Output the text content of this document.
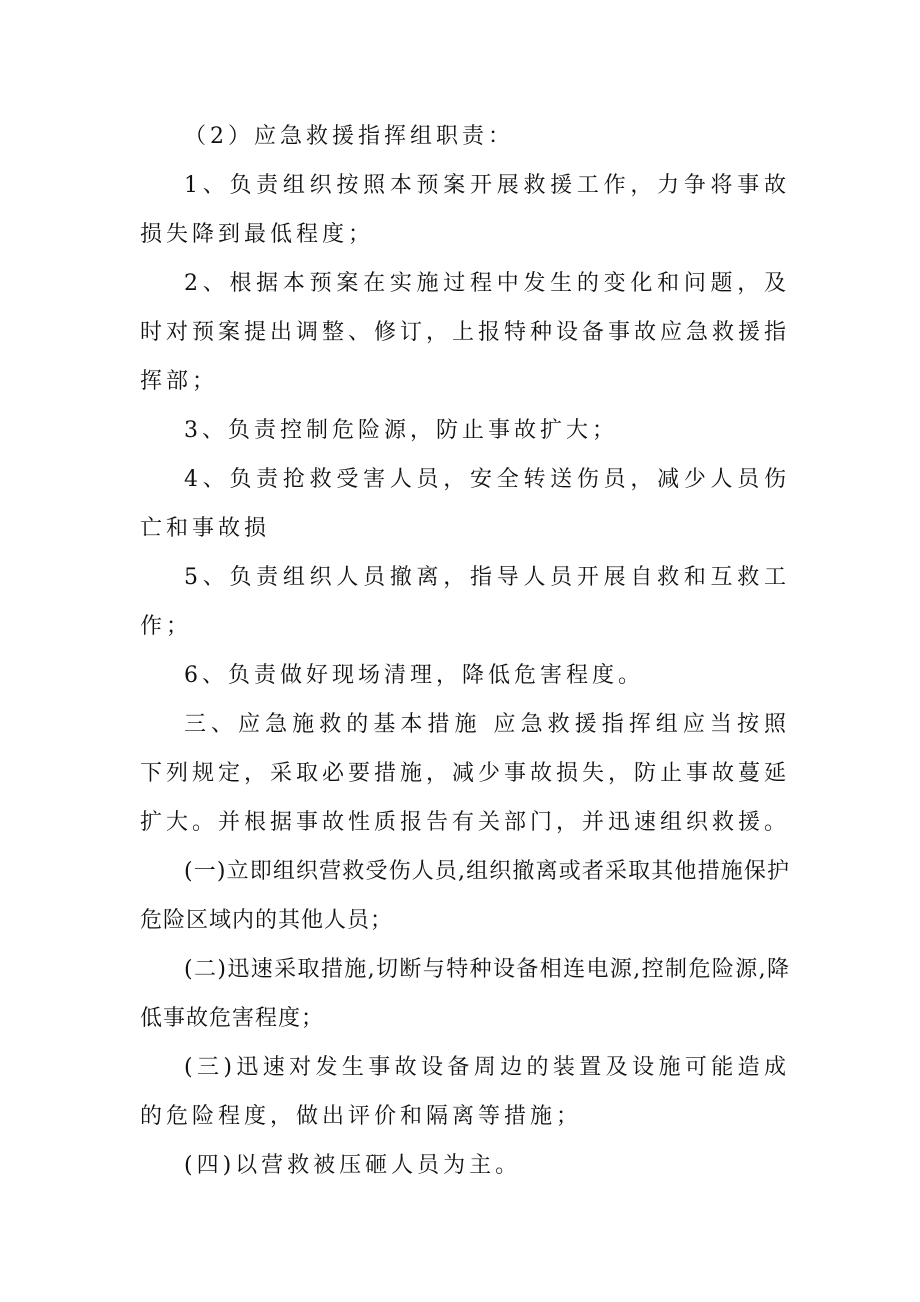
（2）应急救援指挥组职责：

1、负责组织按照本预案开展救援工作，力争将事故损失降到最低程度；

2、根据本预案在实施过程中发生的变化和问题，及时对预案提出调整、修订，上报特种设备事故应急救援指挥部；

3、负责控制危险源，防止事故扩大；

4、负责抢救受害人员，安全转送伤员，减少人员伤亡和事故损

5、负责组织人员撤离，指导人员开展自救和互救工作；

6、负责做好现场清理，降低危害程度。

三、应急施救的基本措施 应急救援指挥组应当按照下列规定，采取必要措施，减少事故损失，防止事故蔓延扩大。并根据事故性质报告有关部门，并迅速组织救援。

(一)立即组织营救受伤人员,组织撤离或者采取其他措施保护危险区域内的其他人员；

(二)迅速采取措施,切断与特种设备相连电源,控制危险源,降低事故危害程度；

(三)迅速对发生事故设备周边的装置及设施可能造成的危险程度，做出评价和隔离等措施；

(四)以营救被压砸人员为主。
